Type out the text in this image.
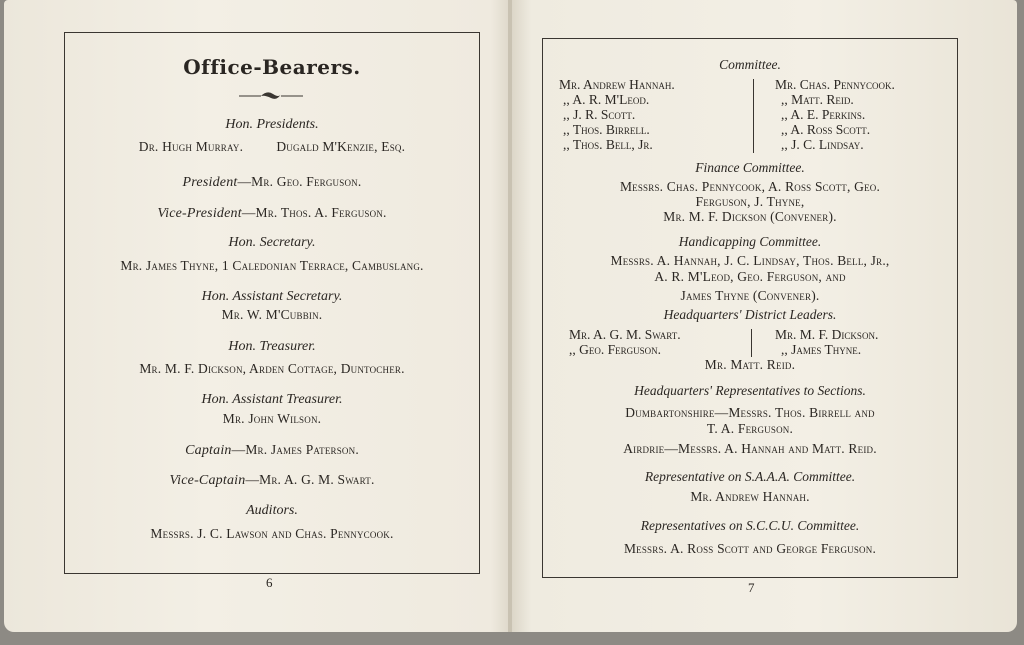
Office-Bearers.
Hon. Presidents.
Dr. Hugh Murray. Dugald M'Kenzie, Esq.
President—Mr. Geo. Ferguson.
Vice-President—Mr. Thos. A. Ferguson.
Hon. Secretary.
Mr. James Thyne, 1 Caledonian Terrace, Cambuslang.
Hon. Assistant Secretary.
Mr. W. M'Cubbin.
Hon. Treasurer.
Mr. M. F. Dickson, Arden Cottage, Duntocher.
Hon. Assistant Treasurer.
Mr. John Wilson.
Captain—Mr. James Paterson.
Vice-Captain—Mr. A. G. M. Swart.
Auditors.
Messrs. J. C. Lawson and Chas. Pennycook.
6
Committee.
Mr. Andrew Hannah.
,, A. R. M'Leod.
,, J. R. Scott.
,, Thos. Birrell.
,, Thos. Bell, Jr.
Mr. Chas. Pennycook.
,, Matt. Reid.
,, A. E. Perkins.
,, A. Ross Scott.
,, J. C. Lindsay.
Finance Committee.
Messrs. Chas. Pennycook, A. Ross Scott, Geo.
Ferguson, J. Thyne,
Mr. M. F. Dickson (Convener).
Handicapping Committee.
Messrs. A. Hannah, J. C. Lindsay, Thos. Bell, Jr.,
A. R. M'Leod, Geo. Ferguson, and
James Thyne (Convener).
Headquarters' District Leaders.
Mr. A. G. M. Swart.
,, Geo. Ferguson.
Mr. M. F. Dickson.
,, James Thyne.
Mr. Matt. Reid.
Headquarters' Representatives to Sections.
Dumbartonshire—Messrs. Thos. Birrell and
T. A. Ferguson.
Airdrie—Messrs. A. Hannah and Matt. Reid.
Representative on S.A.A.A. Committee.
Mr. Andrew Hannah.
Representatives on S.C.C.U. Committee.
Messrs. A. Ross Scott and George Ferguson.
7
